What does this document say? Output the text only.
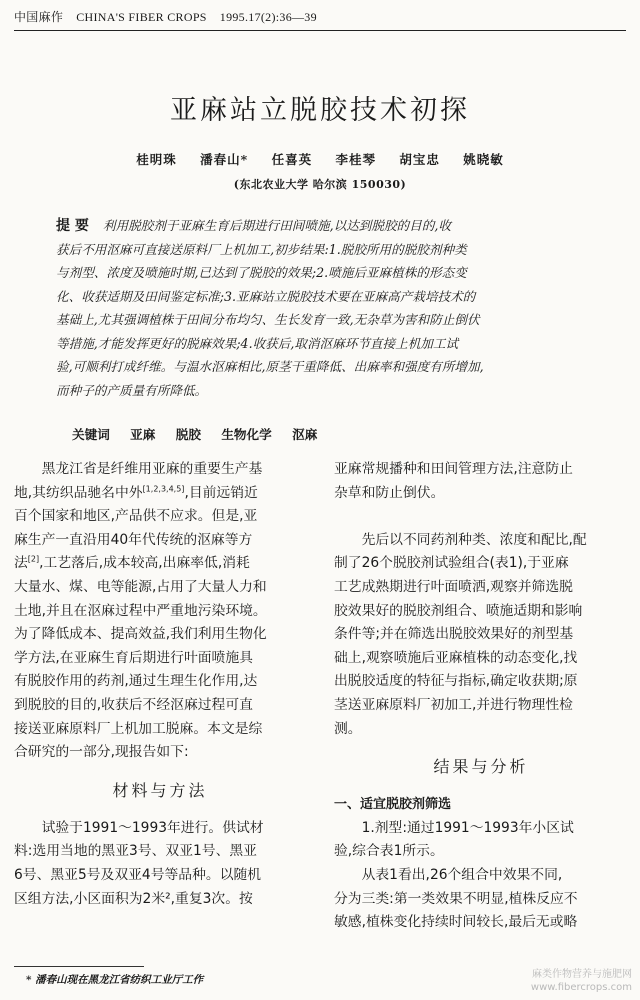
中国麻作 CHINA'S FIBER CROPS 1995.17(2):36—39
亚麻站立脱胶技术初探
桂明珠 潘春山* 任喜英 李桂琴 胡宝忠 姚晓敏
(东北农业大学 哈尔滨 150030)
提 要 利用脱胶剂于亚麻生育后期进行田间喷施,以达到脱胶的目的,收
获后不用沤麻可直接送原料厂上机加工,初步结果:1.脱胶所用的脱胶剂种类
与剂型、浓度及喷施时期,已达到了脱胶的效果;2.喷施后亚麻植株的形态变
化、收获适期及田间鉴定标准;3.亚麻站立脱胶技术要在亚麻高产栽培技术的
基础上,尤其强调植株于田间分布均匀、生长发育一致,无杂草为害和防止倒伏
等措施,才能发挥更好的脱麻效果;4.收获后,取消沤麻环节直接上机加工试
验,可顺利打成纤维。与温水沤麻相比,原茎干重降低、出麻率和强度有所增加,
而种子的产质量有所降低。
关键词 亚麻 脱胶 生物化学 沤麻
　　黑龙江省是纤维用亚麻的重要生产基
地,其纺织品驰名中外[1,2,3,4,5],目前远销近
百个国家和地区,产品供不应求。但是,亚
麻生产一直沿用40年代传统的沤麻等方
法[2],工艺落后,成本较高,出麻率低,消耗
大量水、煤、电等能源,占用了大量人力和
土地,并且在沤麻过程中严重地污染环境。
为了降低成本、提高效益,我们利用生物化
学方法,在亚麻生育后期进行叶面喷施具
有脱胶作用的药剂,通过生理生化作用,达
到脱胶的目的,收获后不经沤麻过程可直
接送亚麻原料厂上机加工脱麻。本文是综
合研究的一部分,现报告如下:
材料与方法
　　试验于1991～1993年进行。供试材
料:选用当地的黑亚3号、双亚1号、黑亚
6号、黑亚5号及双亚4号等品种。以随机
区组方法,小区面积为2米²,重复3次。按
亚麻常规播种和田间管理方法,注意防止
杂草和防止倒伏。
　　先后以不同药剂种类、浓度和配比,配
制了26个脱胶剂试验组合(表1),于亚麻
工艺成熟期进行叶面喷洒,观察并筛选脱
胶效果好的脱胶剂组合、喷施适期和影响
条件等;并在筛选出脱胶效果好的剂型基
础上,观察喷施后亚麻植株的动态变化,找
出脱胶适度的特征与指标,确定收获期;原
茎送亚麻原料厂初加工,并进行物理性检
测。
结果与分析
一、适宜脱胶剂筛选
　　1.剂型:通过1991～1993年小区试
验,综合表1所示。
　　从表1看出,26个组合中效果不同,
分为三类:第一类效果不明显,植株反应不
敏感,植株变化持续时间较长,最后无或略
* 潘春山现在黑龙江省纺织工业厅工作	麻类作物营养与施肥网
www.fibercrops.com
